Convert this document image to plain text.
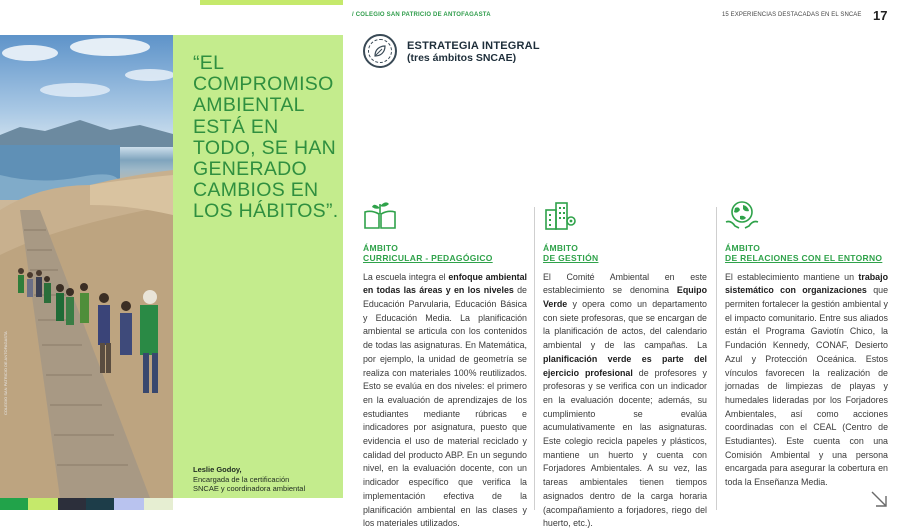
/ COLEGIO SAN PATRICIO DE ANTOFAGASTA	15 EXPERIENCIAS DESTACADAS EN EL SNCAE 17
COLEGIO SAN PATRICIO DE ANTOFAGASTA
“EL
COMPROMISO
AMBIENTAL
ESTÁ EN
TODO, SE HAN
GENERADO
CAMBIOS EN
LOS HÁBITOS”.
Leslie Godoy,
Encargada de la certificación
SNCAE y coordinadora ambiental
ESTRATEGIA INTEGRAL
(tres ámbitos SNCAE)
ÁMBITO
CURRICULAR - PEDAGÓGICO
La escuela integra el enfoque ambiental en todas las áreas y en los niveles de Educación Parvularia, Educación Básica y Educación Media. La planificación ambiental se articula con los contenidos de todas las asignaturas. En Matemática, por ejemplo, la unidad de geometría se realiza con materiales 100% reutilizados. Esto se evalúa en dos niveles: el primero en la evaluación de aprendizajes de los estudiantes mediante rúbricas e indicadores por asignatura, puesto que evidencia el uso de material reciclado y calidad del producto ABP. En un segundo nivel, en la evaluación docente, con un indicador específico que verifica la implementación efectiva de la planificación ambiental en las clases y los materiales utilizados.
ÁMBITO
DE GESTIÓN
El Comité Ambiental en este establecimiento se denomina Equipo Verde y opera como un departamento con siete profesoras, que se encargan de la planificación de actos, del calendario ambiental y de las campañas. La planificación verde es parte del ejercicio profesional de profesores y profesoras y se verifica con un indicador en la evaluación docente; además, su cumplimiento se evalúa acumulativamente en las asignaturas. Este colegio recicla papeles y plásticos, mantiene un huerto y cuenta con Forjadores Ambientales. A su vez, las tareas ambientales tienen tiempos asignados dentro de la carga horaria (acompañamiento a forjadores, riego del huerto, etc.).
ÁMBITO
DE RELACIONES CON EL ENTORNO
El establecimiento mantiene un trabajo sistemático con organizaciones que permiten fortalecer la gestión ambiental y el impacto comunitario. Entre sus aliados están el Programa Gaviotín Chico, la Fundación Kennedy, CONAF, Desierto Azul y Protección Oceánica. Estos vínculos favorecen la realización de jornadas de limpiezas de playas y humedales lideradas por los Forjadores Ambientales, así como acciones coordinadas con el CEAL (Centro de Estudiantes). Este cuenta con una Comisión Ambiental y una persona encargada para asegurar la cobertura en toda la Enseñanza Media.
